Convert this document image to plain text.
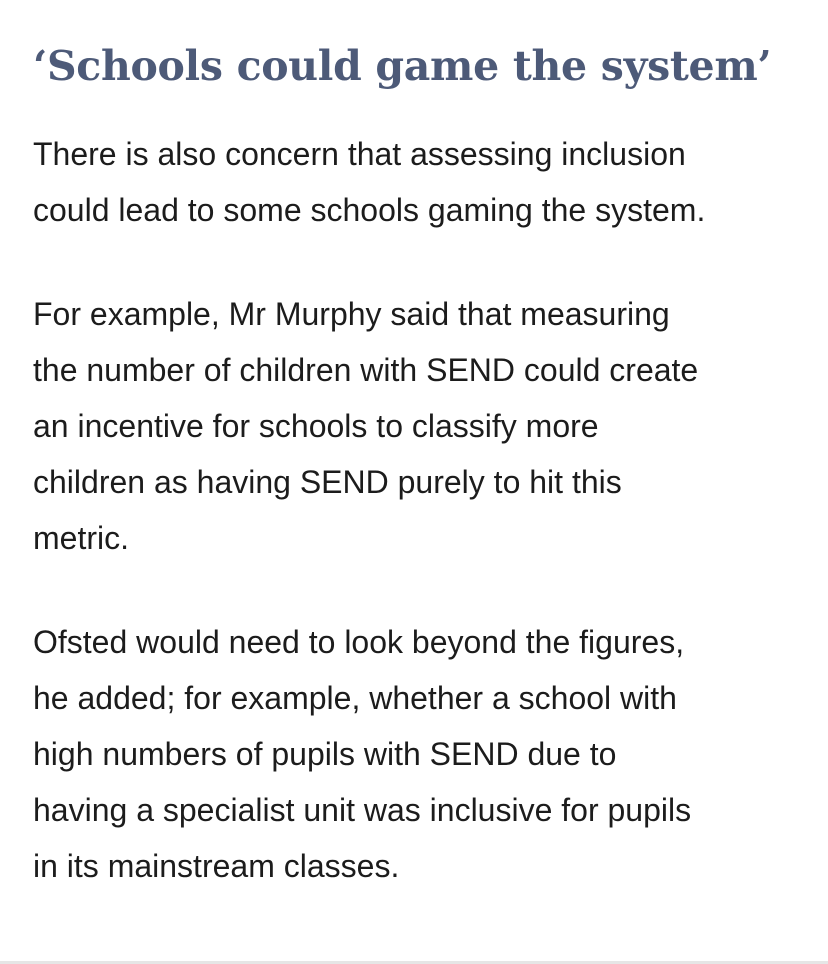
‘Schools could game the system’

There is also concern that assessing inclusion
could lead to some schools gaming the system.

For example, Mr Murphy said that measuring
the number of children with SEND could create
an incentive for schools to classify more
children as having SEND purely to hit this
metric.

Ofsted would need to look beyond the figures,
he added; for example, whether a school with
high numbers of pupils with SEND due to
having a specialist unit was inclusive for pupils
in its mainstream classes.
